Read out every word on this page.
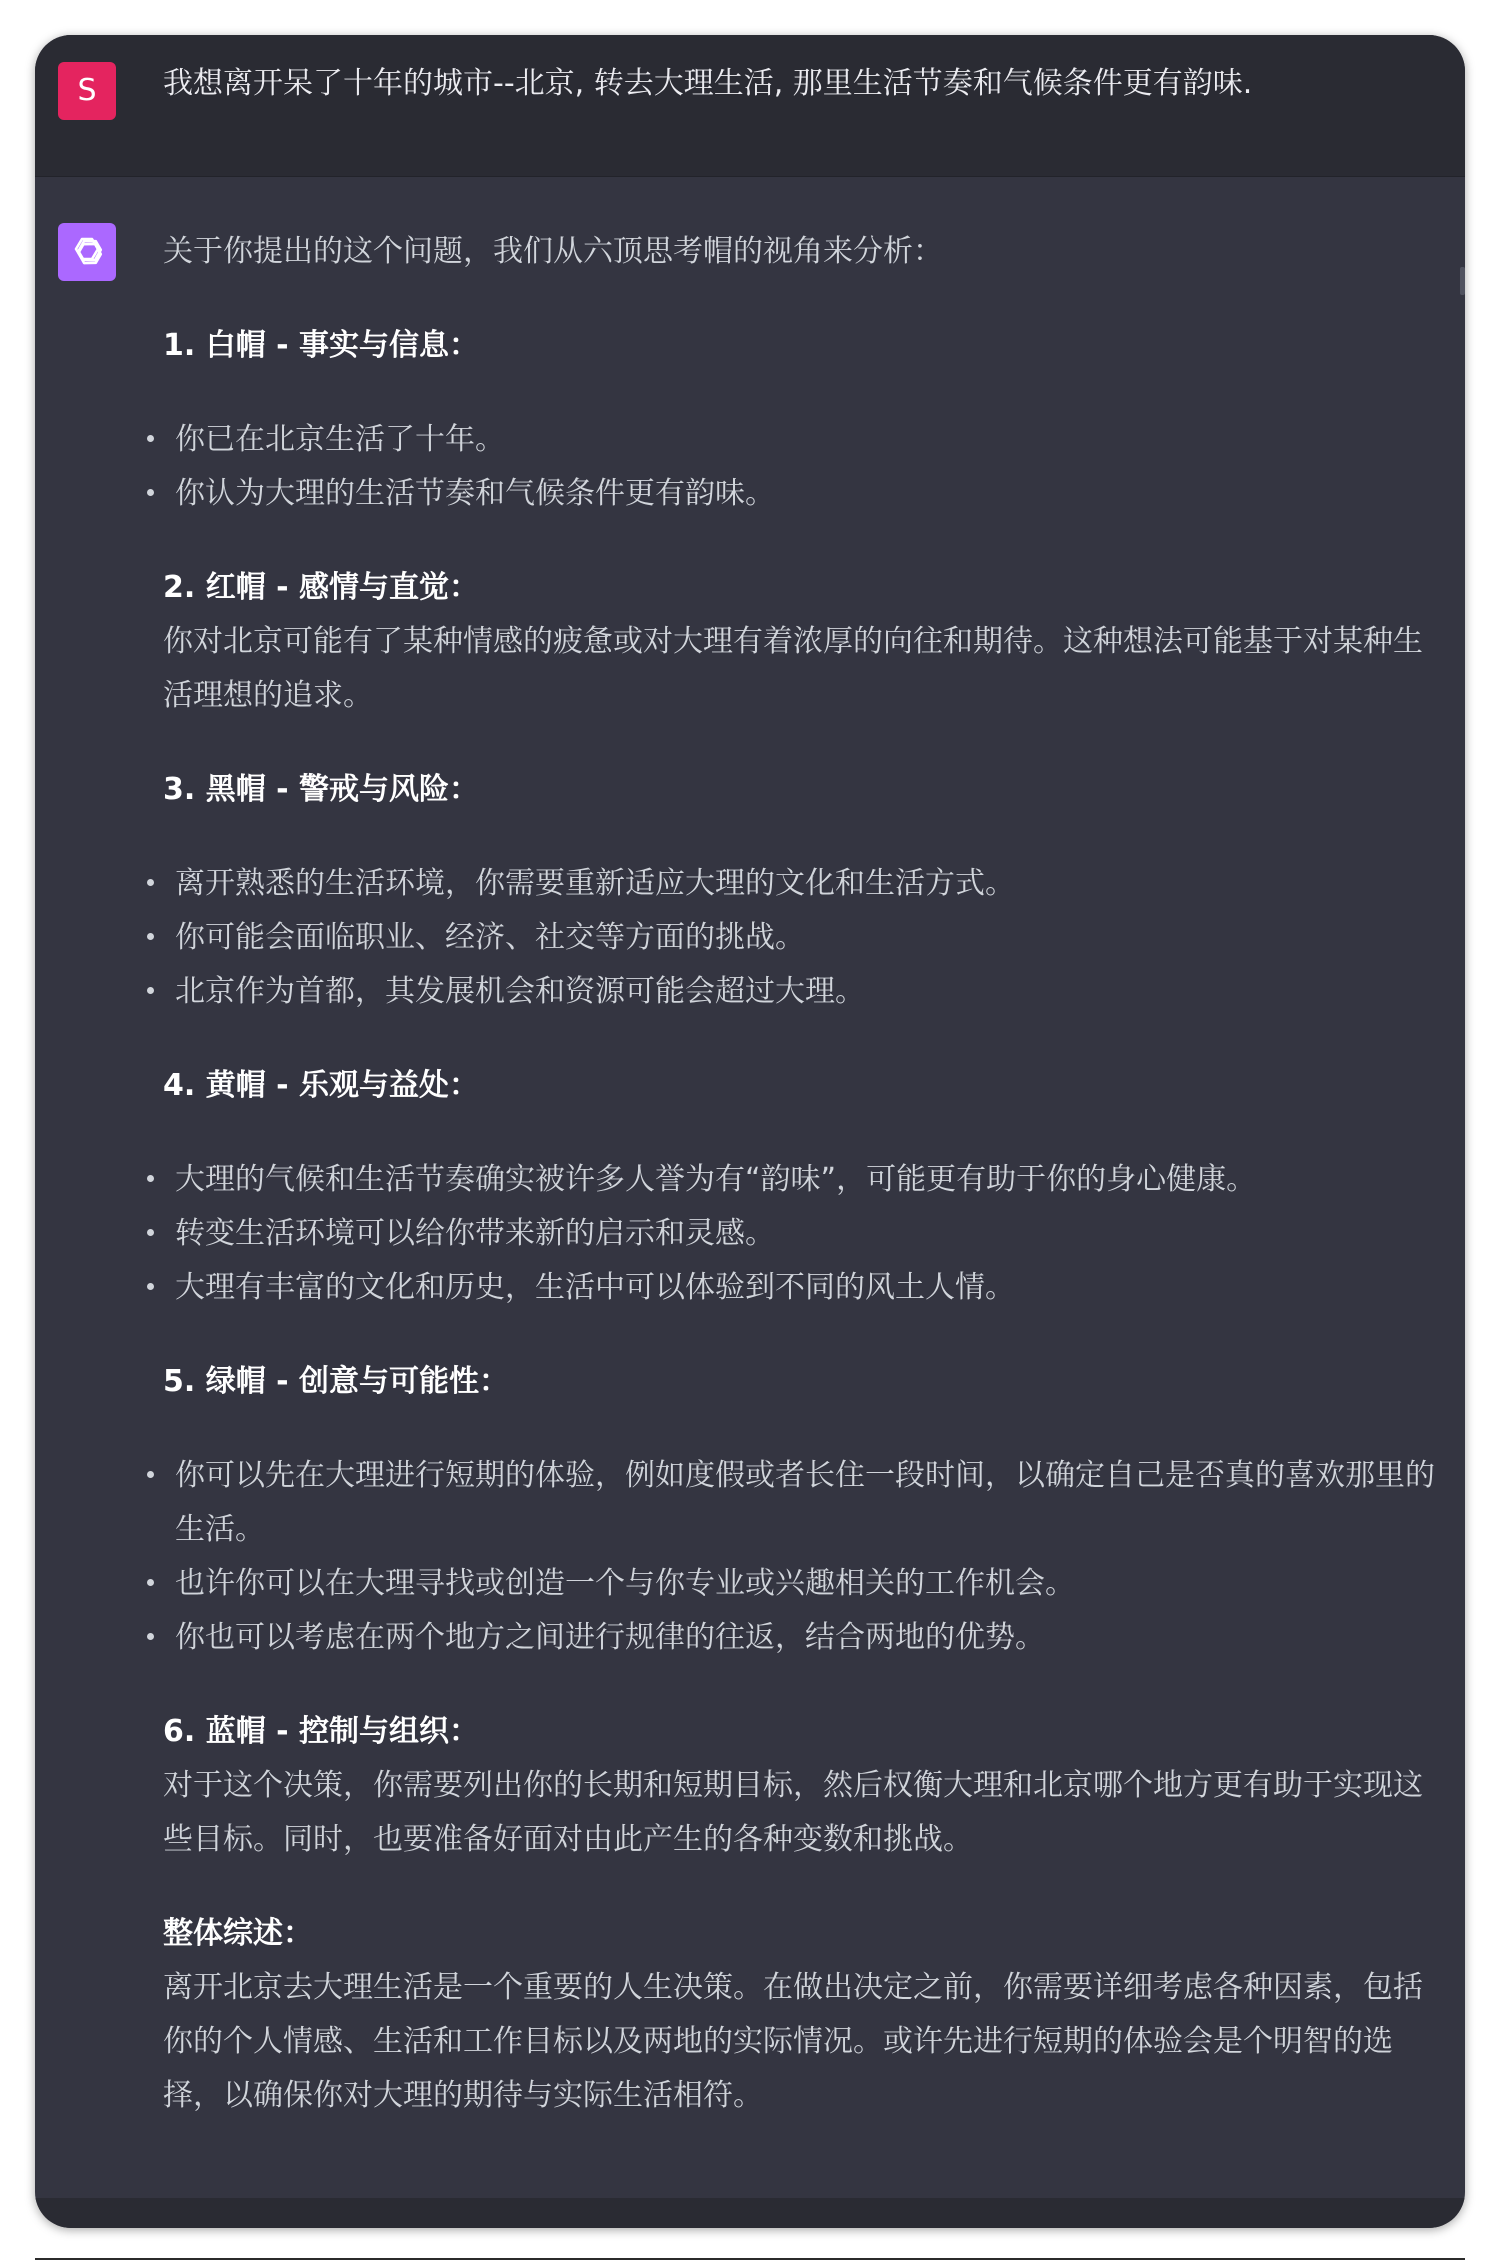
S	我想离开呆了十年的城市--北京, 转去大理生活, 那里生活节奏和气候条件更有韵味.

关于你提出的这个问题，我们从六顶思考帽的视角来分析：

1. 白帽 - 事实与信息：

你已在北京生活了十年。
你认为大理的生活节奏和气候条件更有韵味。

2. 红帽 - 感情与直觉：

你对北京可能有了某种情感的疲惫或对大理有着浓厚的向往和期待。这种想法可能基于对某种生活理想的追求。

3. 黑帽 - 警戒与风险：

离开熟悉的生活环境，你需要重新适应大理的文化和生活方式。
你可能会面临职业、经济、社交等方面的挑战。
北京作为首都，其发展机会和资源可能会超过大理。

4. 黄帽 - 乐观与益处：

大理的气候和生活节奏确实被许多人誉为有“韵味”，可能更有助于你的身心健康。
转变生活环境可以给你带来新的启示和灵感。
大理有丰富的文化和历史，生活中可以体验到不同的风土人情。

5. 绿帽 - 创意与可能性：

你可以先在大理进行短期的体验，例如度假或者长住一段时间，以确定自己是否真的喜欢那里的生活。
也许你可以在大理寻找或创造一个与你专业或兴趣相关的工作机会。
你也可以考虑在两个地方之间进行规律的往返，结合两地的优势。

6. 蓝帽 - 控制与组织：

对于这个决策，你需要列出你的长期和短期目标，然后权衡大理和北京哪个地方更有助于实现这些目标。同时，也要准备好面对由此产生的各种变数和挑战。

整体综述：

离开北京去大理生活是一个重要的人生决策。在做出决定之前，你需要详细考虑各种因素，包括你的个人情感、生活和工作目标以及两地的实际情况。或许先进行短期的体验会是个明智的选择，以确保你对大理的期待与实际生活相符。
